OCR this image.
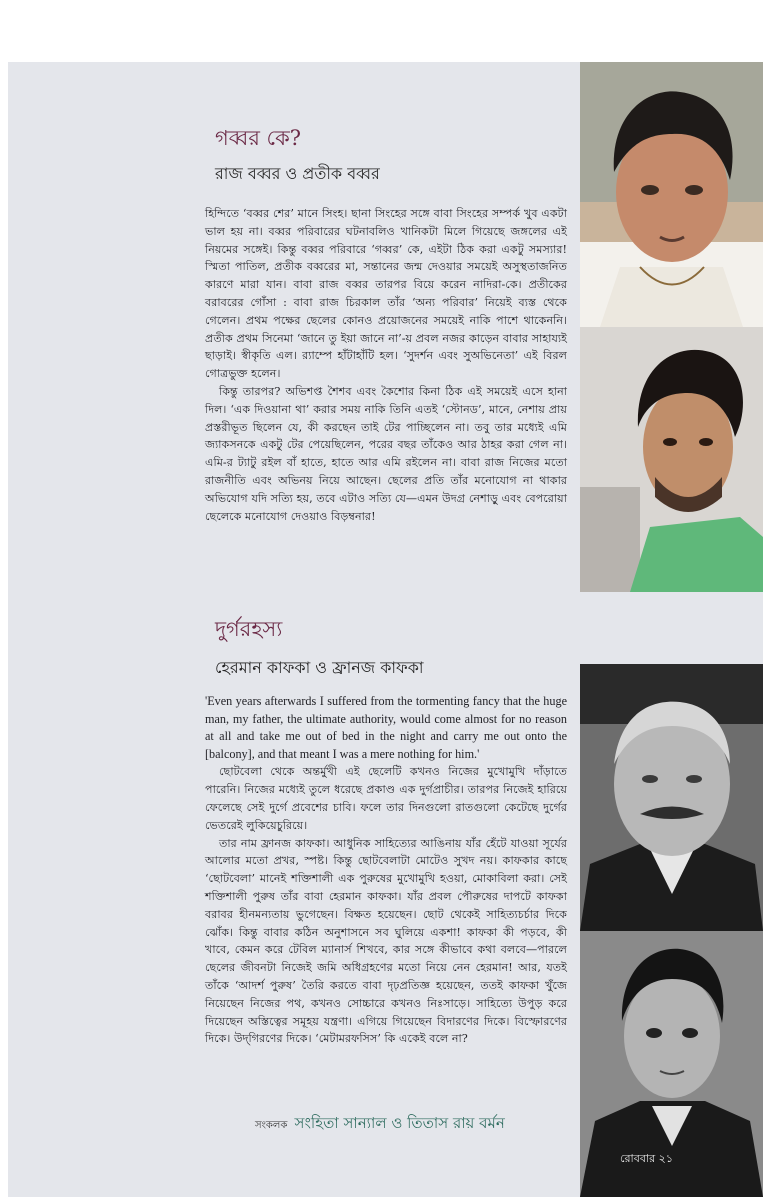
গব্বর কে?
রাজ বব্বর ও প্রতীক বব্বর

হিন্দিতে ‘বব্বর শের’ মানে সিংহ। ছানা সিংহের সঙ্গে বাবা সিংহের সম্পর্ক খুব একটা ভাল হয় না। বব্বর পরিবারের ঘটনাবলিও খানিকটা মিলে গিয়েছে জঙ্গলের এই নিয়মের সঙ্গেই। কিন্তু বব্বর পরিবারে ‘গব্বর’ কে, এইটা ঠিক করা একটু সমস্যার! স্মিতা পাতিল, প্রতীক বব্বরের মা, সন্তানের জন্ম দেওয়ার সময়েই অসুস্থতাজনিত কারণে মারা যান। বাবা রাজ বব্বর তারপর বিয়ে করেন নাদিরা-কে। প্রতীকের বরাবরের গোঁসা : বাবা রাজ চিরকাল তাঁর ‘অন্য পরিবার’ নিয়েই ব্যস্ত থেকে গেলেন। প্রথম পক্ষের ছেলের কোনও প্রয়োজনের সময়েই নাকি পাশে থাকেননি। প্রতীক প্রথম সিনেমা ‘জানে তু ইয়া জানে না’-য় প্রবল নজর কাড়েন বাবার সাহায্যই ছাড়াই। স্বীকৃতি এল। র‍্যাম্পে হাঁটাহাঁটি হল। ‘সুদর্শন এবং সুঅভিনেতা’ এই বিরল গোত্রভুক্ত হলেন।

কিন্তু তারপর? অভিশপ্ত শৈশব এবং কৈশোর কিনা ঠিক এই সময়েই এসে হানা দিল। ‘এক দিওয়ানা থা’ করার সময় নাকি তিনি এতই ‘স্টোনড’, মানে, নেশায় প্রায় প্রস্তরীভূত ছিলেন যে, কী করছেন তাই টের পাচ্ছিলেন না। তবু তার মধ্যেই এমি জ্যাকসনকে একটু টের পেয়েছিলেন, পরের বছর তাঁকেও আর ঠাহর করা গেল না। এমি-র ট্যাটু রইল বাঁ হাতে, হাতে আর এমি রইলেন না। বাবা রাজ নিজের মতো রাজনীতি এবং অভিনয় নিয়ে আছেন। ছেলের প্রতি তাঁর মনোযোগ না থাকার অভিযোগ যদি সত্যি হয়, তবে এটাও সত্যি যে—এমন উদগ্র নেশাড়ু এবং বেপরোয়া ছেলেকে মনোযোগ দেওয়াও বিড়ম্বনার!

দুর্গরহস্য
হেরমান কাফকা ও ফ্রানজ কাফকা

'Even years afterwards I suffered from the tormenting fancy that the huge man, my father, the ultimate authority, would come almost for no reason at all and take me out of bed in the night and carry me out onto the [balcony], and that meant I was a mere nothing for him.'

ছোটবেলা থেকে অন্তর্মুখী এই ছেলেটি কখনও নিজের মুখোমুখি দাঁড়াতে পারেনি। নিজের মধ্যেই তুলে ধরেছে প্রকাণ্ড এক দুর্গপ্রাচীর। তারপর নিজেই হারিয়ে ফেলেছে সেই দুর্গে প্রবেশের চাবি। ফলে তার দিনগুলো রাতগুলো কেটেছে দুর্গের ভেতরেই লুকিয়েচুরিয়ে।

তার নাম ফ্রানজ কাফকা। আধুনিক সাহিত্যের আঙিনায় যাঁর হেঁটে যাওয়া সূর্যের আলোর মতো প্রখর, স্পষ্ট। কিন্তু ছোটবেলাটা মোটেও সুখদ নয়। কাফকার কাছে ‘ছোটবেলা’ মানেই শক্তিশালী এক পুরুষের মুখোমুখি হওয়া, মোকাবিলা করা। সেই শক্তিশালী পুরুষ তাঁর বাবা হেরমান কাফকা। যাঁর প্রবল পৌরুষের দাপটে কাফকা বরাবর হীনমন্যতায় ভুগেছেন। বিক্ষত হয়েছেন। ছোট থেকেই সাহিত্যচর্চার দিকে ঝোঁক। কিন্তু বাবার কঠিন অনুশাসনে সব ঘুলিয়ে একশা! কাফকা কী পড়বে, কী খাবে, কেমন করে টেবিল ম্যানার্স শিখবে, কার সঙ্গে কীভাবে কথা বলবে—পারলে ছেলের জীবনটা নিজেই জমি অধিগ্রহণের মতো নিয়ে নেন হেরমান! আর, যতই তাঁকে ‘আদর্শ পুরুষ’ তৈরি করতে বাবা দৃঢ়প্রতিজ্ঞ হয়েছেন, ততই কাফকা খুঁজে নিয়েছেন নিজের পথ, কখনও সোচ্চারে কখনও নিঃসাড়ে। সাহিত্যে উপুড় করে দিয়েছেন অস্তিত্বের সমূহয় যন্ত্রণা। এগিয়ে গিয়েছেন বিদারণের দিকে। বিস্ফোরণের দিকে। উদ্‌গিরণের দিকে। ‘মেটামরফসিস’ কি একেই বলে না?

সংকলক সংহিতা সান্যাল ও তিতাস রায় বর্মন
রোববার ২১
